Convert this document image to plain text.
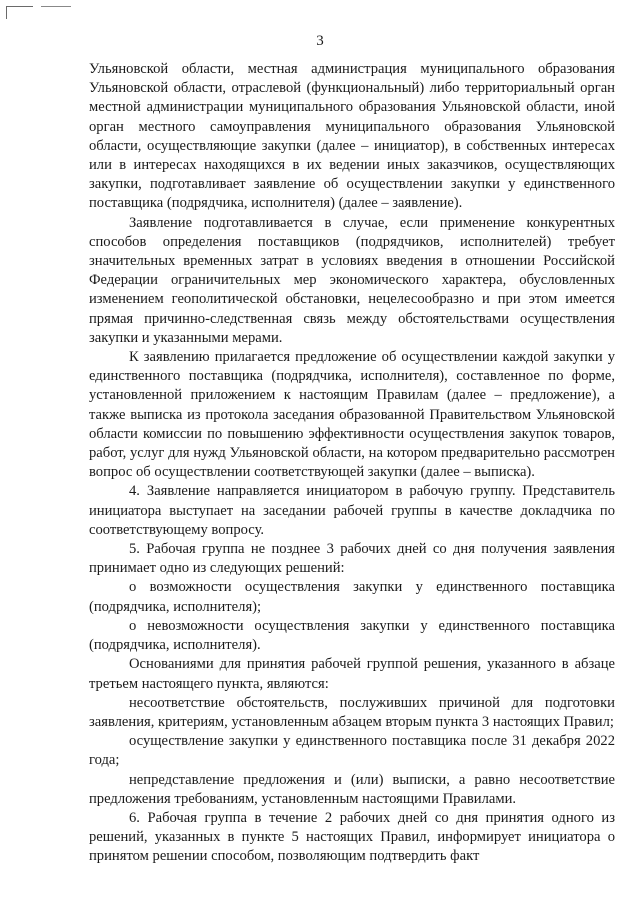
3

Ульяновской области, местная администрация муниципального образования Ульяновской области, отраслевой (функциональный) либо территориальный орган местной администрации муниципального образования Ульяновской области, иной орган местного самоуправления муниципального образования Ульяновской области, осуществляющие закупки (далее – инициатор), в собственных интересах или в интересах находящихся в их ведении иных заказчиков, осуществляющих закупки, подготавливает заявление об осуществлении закупки у единственного поставщика (подрядчика, исполнителя) (далее – заявление).

Заявление подготавливается в случае, если применение конкурентных способов определения поставщиков (подрядчиков, исполнителей) требует значительных временных затрат в условиях введения в отношении Российской Федерации ограничительных мер экономического характера, обусловленных изменением геополитической обстановки, нецелесообразно и при этом имеется прямая причинно-следственная связь между обстоятельствами осуществления закупки и указанными мерами.

К заявлению прилагается предложение об осуществлении каждой закупки у единственного поставщика (подрядчика, исполнителя), составленное по форме, установленной приложением к настоящим Правилам (далее – предложение), а также выписка из протокола заседания образованной Правительством Ульяновской области комиссии по повышению эффективности осуществления закупок товаров, работ, услуг для нужд Ульяновской области, на котором предварительно рассмотрен вопрос об осуществлении соответствующей закупки (далее – выписка).

4. Заявление направляется инициатором в рабочую группу. Представитель инициатора выступает на заседании рабочей группы в качестве докладчика по соответствующему вопросу.

5. Рабочая группа не позднее 3 рабочих дней со дня получения заявления принимает одно из следующих решений:

о возможности осуществления закупки у единственного поставщика (подрядчика, исполнителя);

о невозможности осуществления закупки у единственного поставщика (подрядчика, исполнителя).

Основаниями для принятия рабочей группой решения, указанного в абзаце третьем настоящего пункта, являются:

несоответствие обстоятельств, послуживших причиной для подготовки заявления, критериям, установленным абзацем вторым пункта 3 настоящих Правил;

осуществление закупки у единственного поставщика после 31 декабря 2022 года;

непредставление предложения и (или) выписки, а равно несоответствие предложения требованиям, установленным настоящими Правилами.

6. Рабочая группа в течение 2 рабочих дней со дня принятия одного из решений, указанных в пункте 5 настоящих Правил, информирует инициатора о принятом решении способом, позволяющим подтвердить факт
